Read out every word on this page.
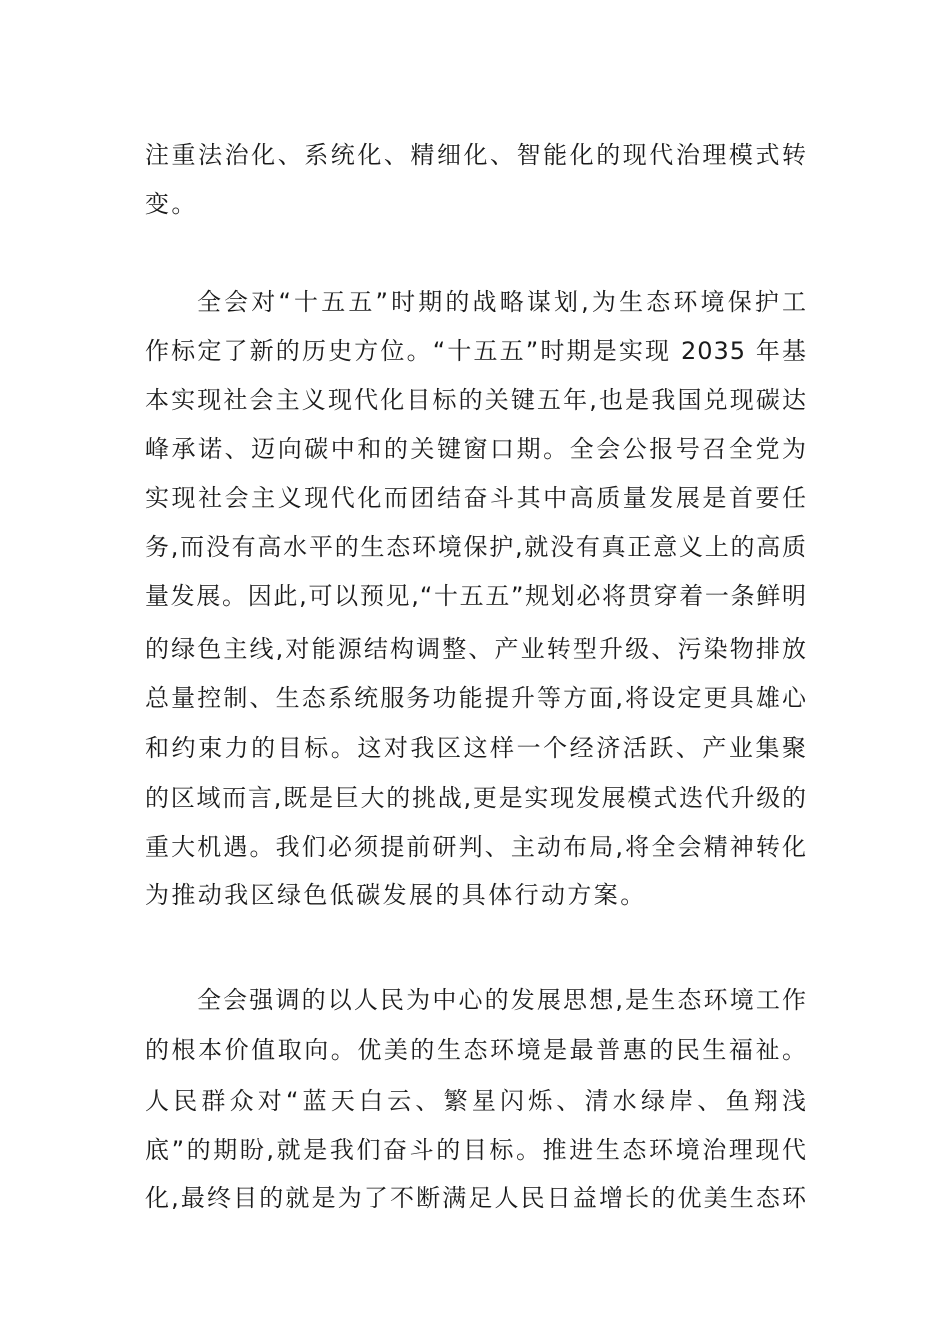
注重法治化、系统化、精细化、智能化的现代治理模式转
变。
全会对“十五五”时期的战略谋划,为生态环境保护工
作标定了新的历史方位。“十五五”时期是实现 2035 年基
本实现社会主义现代化目标的关键五年,也是我国兑现碳达
峰承诺、迈向碳中和的关键窗口期。全会公报号召全党为
实现社会主义现代化而团结奋斗其中高质量发展是首要任
务,而没有高水平的生态环境保护,就没有真正意义上的高质
量发展。因此,可以预见,“十五五”规划必将贯穿着一条鲜明
的绿色主线,对能源结构调整、产业转型升级、污染物排放
总量控制、生态系统服务功能提升等方面,将设定更具雄心
和约束力的目标。这对我区这样一个经济活跃、产业集聚
的区域而言,既是巨大的挑战,更是实现发展模式迭代升级的
重大机遇。我们必须提前研判、主动布局,将全会精神转化
为推动我区绿色低碳发展的具体行动方案。
全会强调的以人民为中心的发展思想,是生态环境工作
的根本价值取向。优美的生态环境是最普惠的民生福祉。
人民群众对“蓝天白云、繁星闪烁、清水绿岸、鱼翔浅
底”的期盼,就是我们奋斗的目标。推进生态环境治理现代
化,最终目的就是为了不断满足人民日益增长的优美生态环
